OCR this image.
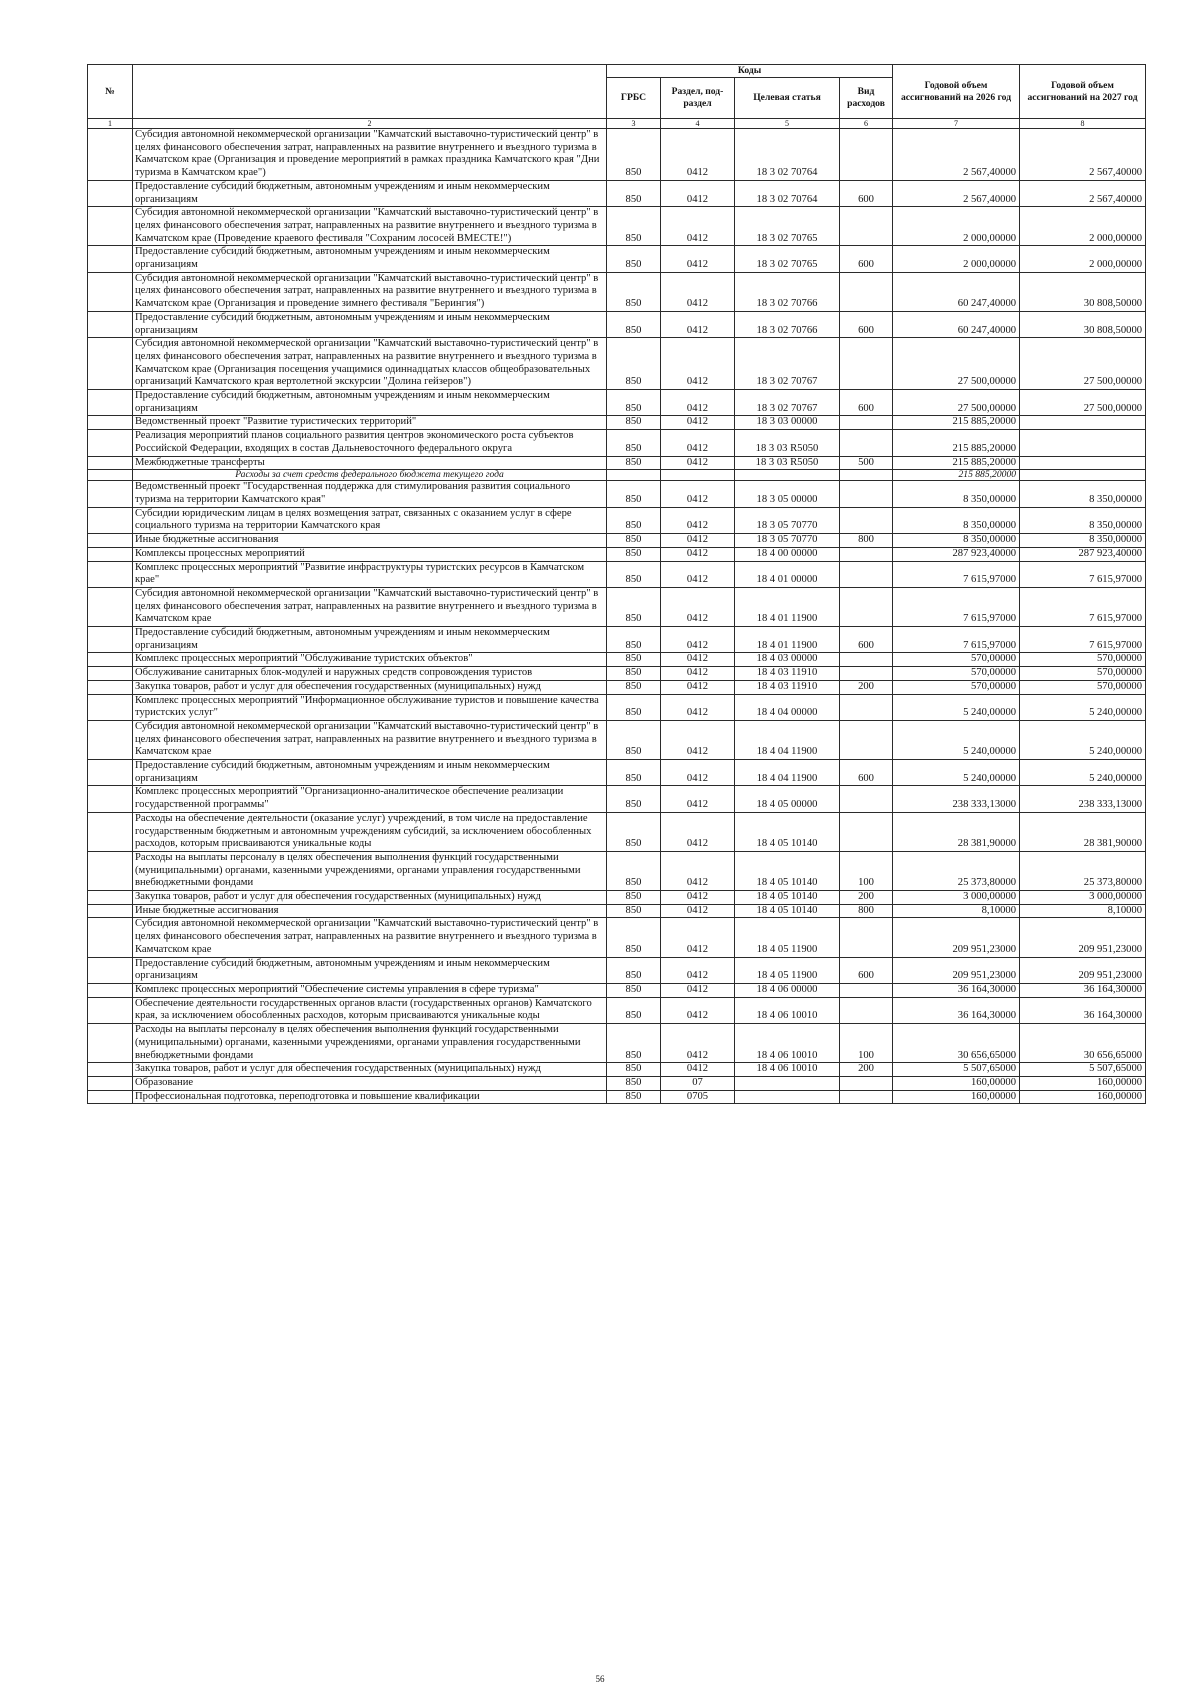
№		Коды				Годовой объем ассигнований на 2026 год	Годовой объем ассигнований на 2027 год
		ГРБС	Раздел, под-раздел	Целевая статья	Вид расходов		
1	2	3	4	5	6	7	8
	Субсидия автономной некоммерческой организации "Камчатский выставочно-туристический центр" в целях финансового обеспечения затрат, направленных на развитие внутреннего и въездного туризма в Камчатском крае (Организация и проведение мероприятий в рамках праздника Камчатского края "Дни туризма в Камчатском крае")	850	0412	18 3 02 70764		2 567,40000	2 567,40000
	Предоставление субсидий бюджетным, автономным учреждениям и иным некоммерческим организациям	850	0412	18 3 02 70764	600	2 567,40000	2 567,40000
	Субсидия автономной некоммерческой организации "Камчатский выставочно-туристический центр" в целях финансового обеспечения затрат, направленных на развитие внутреннего и въездного туризма в Камчатском крае (Проведение краевого фестиваля "Сохраним лососей ВМЕСТЕ!")	850	0412	18 3 02 70765		2 000,00000	2 000,00000
	Предоставление субсидий бюджетным, автономным учреждениям и иным некоммерческим организациям	850	0412	18 3 02 70765	600	2 000,00000	2 000,00000
	Субсидия автономной некоммерческой организации "Камчатский выставочно-туристический центр" в целях финансового обеспечения затрат, направленных на развитие внутреннего и въездного туризма в Камчатском крае (Организация и проведение зимнего фестиваля "Берингия")	850	0412	18 3 02 70766		60 247,40000	30 808,50000
	Предоставление субсидий бюджетным, автономным учреждениям и иным некоммерческим организациям	850	0412	18 3 02 70766	600	60 247,40000	30 808,50000
	Субсидия автономной некоммерческой организации "Камчатский выставочно-туристический центр" в целях финансового обеспечения затрат, направленных на развитие внутреннего и въездного туризма в Камчатском крае (Организация посещения учащимися одиннадцатых классов общеобразовательных организаций Камчатского края вертолетной экскурсии "Долина гейзеров")	850	0412	18 3 02 70767		27 500,00000	27 500,00000
	Предоставление субсидий бюджетным, автономным учреждениям и иным некоммерческим организациям	850	0412	18 3 02 70767	600	27 500,00000	27 500,00000
	Ведомственный проект "Развитие туристических территорий"	850	0412	18 3 03 00000		215 885,20000	
	Реализация мероприятий планов социального развития центров экономического роста субъектов Российской Федерации, входящих в состав Дальневосточного федерального округа	850	0412	18 3 03 R5050		215 885,20000	
	Межбюджетные трансферты	850	0412	18 3 03 R5050	500	215 885,20000	
	Расходы за счет средств федерального бюджета текущего года					215 885,20000	
	Ведомственный проект "Государственная поддержка для стимулирования развития социального туризма на территории Камчатского края"	850	0412	18 3 05 00000		8 350,00000	8 350,00000
	Субсидии юридическим лицам в целях возмещения затрат, связанных с оказанием услуг в сфере социального туризма на территории Камчатского края	850	0412	18 3 05 70770		8 350,00000	8 350,00000
	Иные бюджетные ассигнования	850	0412	18 3 05 70770	800	8 350,00000	8 350,00000
	Комплексы процессных мероприятий	850	0412	18 4 00 00000		287 923,40000	287 923,40000
	Комплекс процессных мероприятий "Развитие инфраструктуры туристских ресурсов в Камчатском крае"	850	0412	18 4 01 00000		7 615,97000	7 615,97000
	Субсидия автономной некоммерческой организации "Камчатский выставочно-туристический центр" в целях финансового обеспечения затрат, направленных на развитие внутреннего и въездного туризма в Камчатском крае	850	0412	18 4 01 11900		7 615,97000	7 615,97000
	Предоставление субсидий бюджетным, автономным учреждениям и иным некоммерческим организациям	850	0412	18 4 01 11900	600	7 615,97000	7 615,97000
	Комплекс процессных мероприятий "Обслуживание туристских объектов"	850	0412	18 4 03 00000		570,00000	570,00000
	Обслуживание санитарных блок-модулей и наружных средств сопровождения туристов	850	0412	18 4 03 11910		570,00000	570,00000
	Закупка товаров, работ и услуг для обеспечения государственных (муниципальных) нужд	850	0412	18 4 03 11910	200	570,00000	570,00000
	Комплекс процессных мероприятий "Информационное обслуживание туристов и повышение качества туристских услуг"	850	0412	18 4 04 00000		5 240,00000	5 240,00000
	Субсидия автономной некоммерческой организации "Камчатский выставочно-туристический центр" в целях финансового обеспечения затрат, направленных на развитие внутреннего и въездного туризма в Камчатском крае	850	0412	18 4 04 11900		5 240,00000	5 240,00000
	Предоставление субсидий бюджетным, автономным учреждениям и иным некоммерческим организациям	850	0412	18 4 04 11900	600	5 240,00000	5 240,00000
	Комплекс процессных мероприятий "Организационно-аналитическое обеспечение реализации государственной программы"	850	0412	18 4 05 00000		238 333,13000	238 333,13000
	Расходы на обеспечение деятельности (оказание услуг) учреждений, в том числе на предоставление государственным бюджетным и автономным учреждениям субсидий, за исключением обособленных расходов, которым присваиваются уникальные коды	850	0412	18 4 05 10140		28 381,90000	28 381,90000
	Расходы на выплаты персоналу в целях обеспечения выполнения функций государственными (муниципальными) органами, казенными учреждениями, органами управления государственными внебюджетными фондами	850	0412	18 4 05 10140	100	25 373,80000	25 373,80000
	Закупка товаров, работ и услуг для обеспечения государственных (муниципальных) нужд	850	0412	18 4 05 10140	200	3 000,00000	3 000,00000
	Иные бюджетные ассигнования	850	0412	18 4 05 10140	800	8,10000	8,10000
	Субсидия автономной некоммерческой организации "Камчатский выставочно-туристический центр" в целях финансового обеспечения затрат, направленных на развитие внутреннего и въездного туризма в Камчатском крае	850	0412	18 4 05 11900		209 951,23000	209 951,23000
	Предоставление субсидий бюджетным, автономным учреждениям и иным некоммерческим организациям	850	0412	18 4 05 11900	600	209 951,23000	209 951,23000
	Комплекс процессных мероприятий "Обеспечение системы управления в сфере туризма"	850	0412	18 4 06 00000		36 164,30000	36 164,30000
	Обеспечение деятельности государственных органов власти (государственных органов) Камчатского края, за исключением обособленных расходов, которым присваиваются уникальные коды	850	0412	18 4 06 10010		36 164,30000	36 164,30000
	Расходы на выплаты персоналу в целях обеспечения выполнения функций государственными (муниципальными) органами, казенными учреждениями, органами управления государственными внебюджетными фондами	850	0412	18 4 06 10010	100	30 656,65000	30 656,65000
	Закупка товаров, работ и услуг для обеспечения государственных (муниципальных) нужд	850	0412	18 4 06 10010	200	5 507,65000	5 507,65000
	Образование	850	07			160,00000	160,00000
	Профессиональная подготовка, переподготовка и повышение квалификации	850	0705			160,00000	160,00000
56
